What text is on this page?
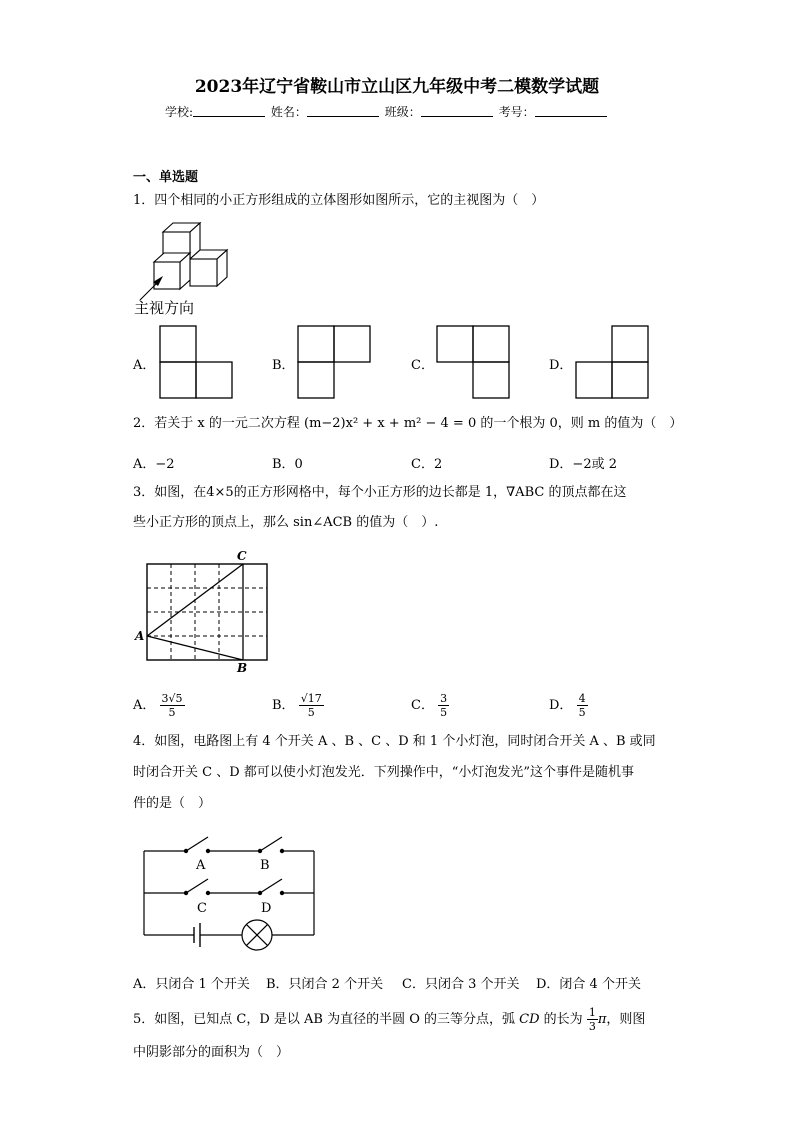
2023年辽宁省鞍山市立山区九年级中考二模数学试题
学校:	姓名：	班级：	考号：
一、单选题
1．四个相同的小正方形组成的立体图形如图所示，它的主视图为（　）
主视方向
A．	B．	C．	D．
2．若关于 x 的一元二次方程 (m−2)x² + x + m² − 4 = 0 的一个根为 0，则 m 的值为（　）
A．−2	B．0	C．2	D．−2或 2
3．如图，在4×5的正方形网格中，每个小正方形的边长都是 1，∇ABC 的顶点都在这
些小正方形的顶点上，那么 sin∠ACB 的值为（　）.
A
B
C
A． $\frac{3√5}{5}$	B． $\frac{√17}{5}$	C． $\frac{3}{5}$	D． $\frac{4}{5}$
4．如图，电路图上有 4 个开关 A 、B 、C 、D 和 1 个小灯泡，同时闭合开关 A 、B 或同
时闭合开关 C 、D 都可以使小灯泡发光．下列操作中，“小灯泡发光”这个事件是随机事
件的是（　）
A	B
C	D
A．只闭合 1 个开关 B．只闭合 2 个开关 C．只闭合 3 个开关 D．闭合 4 个开关
5．如图，已知点 C，D 是以 AB 为直径的半圆 O 的三等分点，弧 CD 的长为 $\frac{1}{3}$ π，则图
中阴影部分的面积为（　）
